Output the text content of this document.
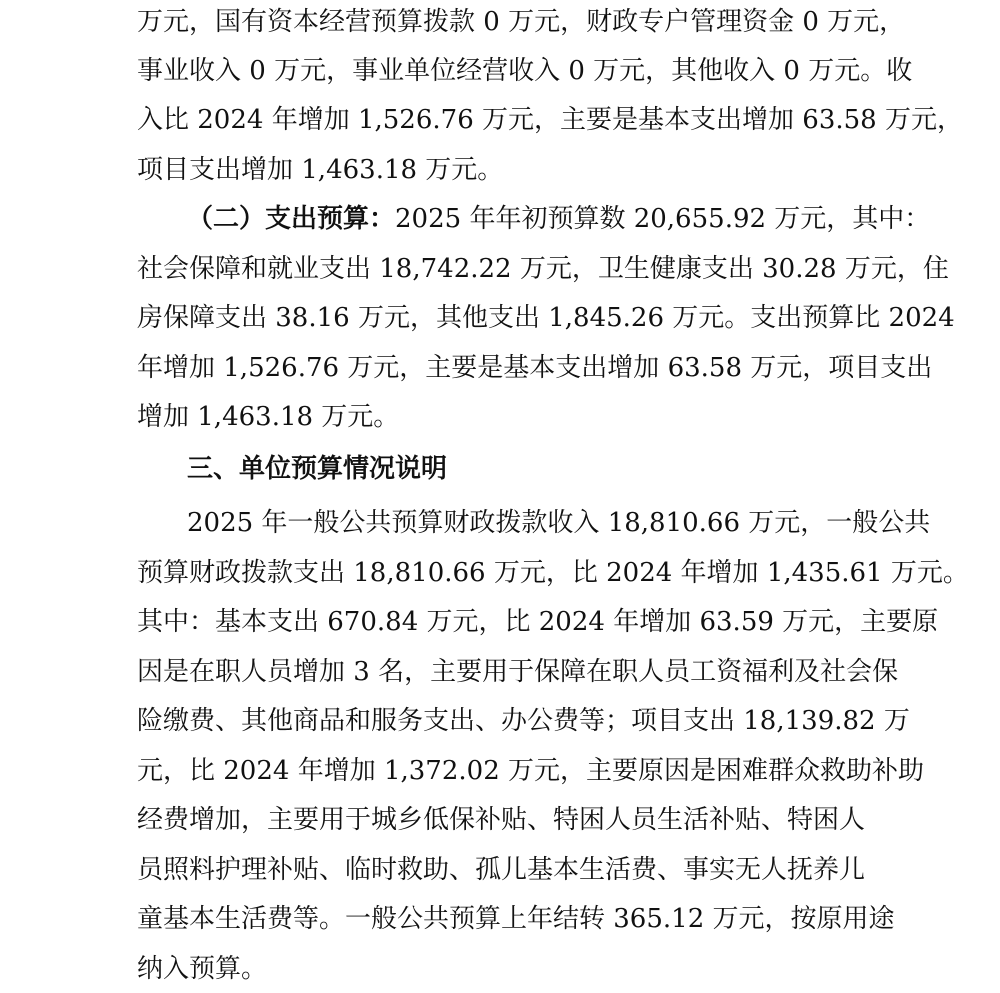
万元，国有资本经营预算拨款 0 万元，财政专户管理资金 0 万元，
事业收入 0 万元，事业单位经营收入 0 万元，其他收入 0 万元。收
入比 2024 年增加 1,526.76 万元，主要是基本支出增加 63.58 万元，
项目支出增加 1,463.18 万元。
（二）支出预算：2025 年年初预算数 20,655.92 万元，其中：
社会保障和就业支出 18,742.22 万元，卫生健康支出 30.28 万元，住
房保障支出 38.16 万元，其他支出 1,845.26 万元。支出预算比 2024
年增加 1,526.76 万元，主要是基本支出增加 63.58 万元，项目支出
增加 1,463.18 万元。
三、单位预算情况说明
2025 年一般公共预算财政拨款收入 18,810.66 万元，一般公共
预算财政拨款支出 18,810.66 万元，比 2024 年增加 1,435.61 万元。
其中：基本支出 670.84 万元，比 2024 年增加 63.59 万元，主要原
因是在职人员增加 3 名，主要用于保障在职人员工资福利及社会保
险缴费、其他商品和服务支出、办公费等；项目支出 18,139.82 万
元，比 2024 年增加 1,372.02 万元，主要原因是困难群众救助补助
经费增加，主要用于城乡低保补贴、特困人员生活补贴、特困人
员照料护理补贴、临时救助、孤儿基本生活费、事实无人抚养儿
童基本生活费等。一般公共预算上年结转 365.12 万元，按原用途
纳入预算。
